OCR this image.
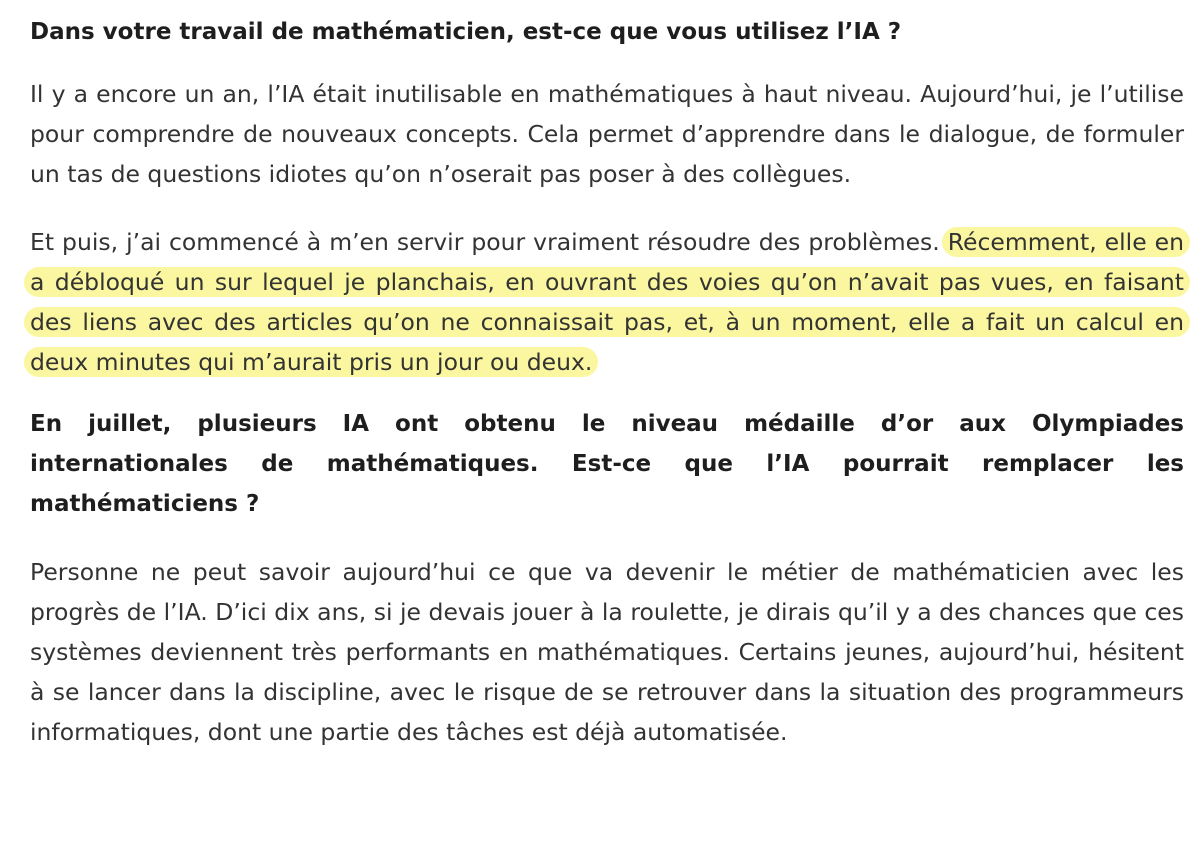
Dans votre travail de mathématicien, est-ce que vous utilisez l’IA ?

Il y a encore un an, l’IA était inutilisable en mathématiques à haut niveau. Aujourd’hui, je l’utilise pour comprendre de nouveaux concepts. Cela permet d’apprendre dans le dialogue, de formuler un tas de questions idiotes qu’on n’oserait pas poser à des collègues.

Et puis, j’ai commencé à m’en servir pour vraiment résoudre des problèmes. Récemment, elle en a débloqué un sur lequel je planchais, en ouvrant des voies qu’on n’avait pas vues, en faisant des liens avec des articles qu’on ne connaissait pas, et, à un moment, elle a fait un calcul en deux minutes qui m’aurait pris un jour ou deux.

En juillet, plusieurs IA ont obtenu le niveau médaille d’or aux Olympiades internationales de mathématiques. Est-ce que l’IA pourrait remplacer les mathématiciens ?

Personne ne peut savoir aujourd’hui ce que va devenir le métier de mathématicien avec les progrès de l’IA. D’ici dix ans, si je devais jouer à la roulette, je dirais qu’il y a des chances que ces systèmes deviennent très performants en mathématiques. Certains jeunes, aujourd’hui, hésitent à se lancer dans la discipline, avec le risque de se retrouver dans la situation des programmeurs informatiques, dont une partie des tâches est déjà automatisée.
